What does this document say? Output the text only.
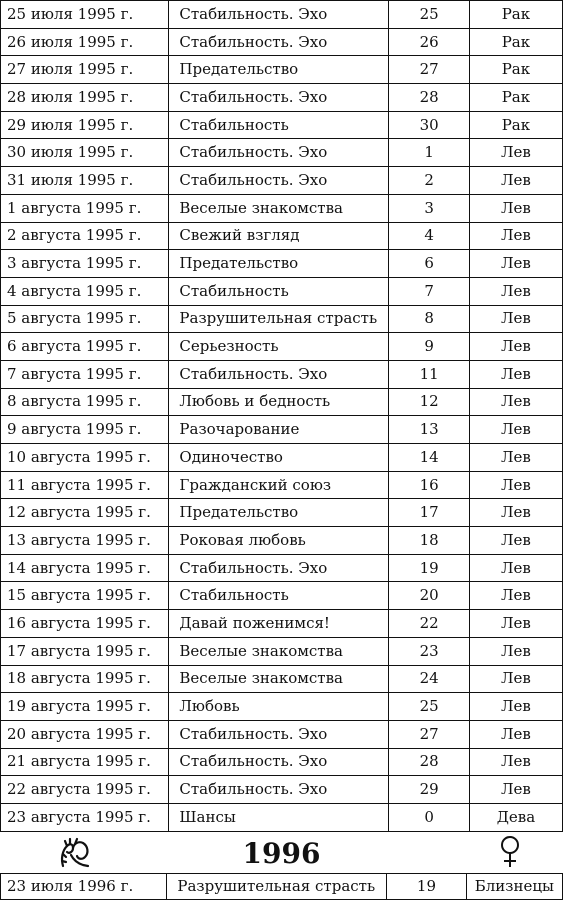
25 июля 1995 г.	Стабильность. Эхо	25	Рак
26 июля 1995 г.	Стабильность. Эхо	26	Рак
27 июля 1995 г.	Предательство	27	Рак
28 июля 1995 г.	Стабильность. Эхо	28	Рак
29 июля 1995 г.	Стабильность	30	Рак
30 июля 1995 г.	Стабильность. Эхо	1	Лев
31 июля 1995 г.	Стабильность. Эхо	2	Лев
1 августа 1995 г.	Веселые знакомства	3	Лев
2 августа 1995 г.	Свежий взгляд	4	Лев
3 августа 1995 г.	Предательство	6	Лев
4 августа 1995 г.	Стабильность	7	Лев
5 августа 1995 г.	Разрушительная страсть	8	Лев
6 августа 1995 г.	Серьезность	9	Лев
7 августа 1995 г.	Стабильность. Эхо	11	Лев
8 августа 1995 г.	Любовь и бедность	12	Лев
9 августа 1995 г.	Разочарование	13	Лев
10 августа 1995 г.	Одиночество	14	Лев
11 августа 1995 г.	Гражданский союз	16	Лев
12 августа 1995 г.	Предательство	17	Лев
13 августа 1995 г.	Роковая любовь	18	Лев
14 августа 1995 г.	Стабильность. Эхо	19	Лев
15 августа 1995 г.	Стабильность	20	Лев
16 августа 1995 г.	Давай поженимся!	22	Лев
17 августа 1995 г.	Веселые знакомства	23	Лев
18 августа 1995 г.	Веселые знакомства	24	Лев
19 августа 1995 г.	Любовь	25	Лев
20 августа 1995 г.	Стабильность. Эхо	27	Лев
21 августа 1995 г.	Стабильность. Эхо	28	Лев
22 августа 1995 г.	Стабильность. Эхо	29	Лев
23 августа 1995 г.	Шансы	0	Дева
1996
23 июля 1996 г.	Разрушительная страсть	19	Близнецы
